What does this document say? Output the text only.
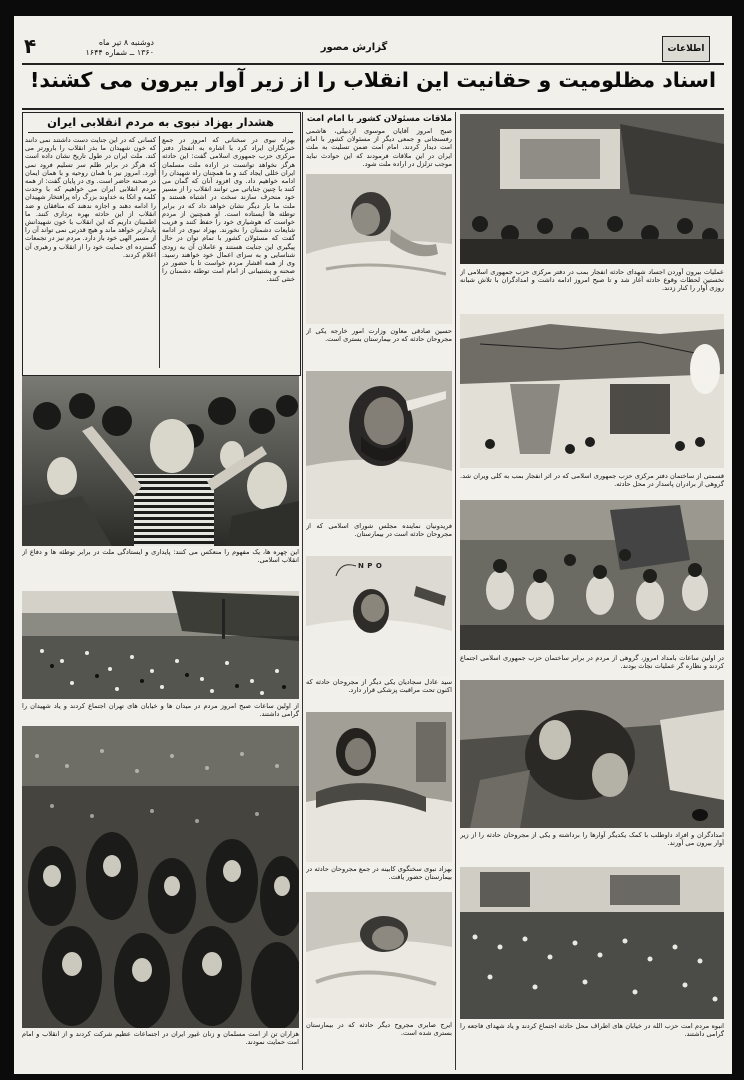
۴	دوشنبه ۸ تیر ماه
۱۳۶۰ ــ شماره ۱۶۴۴	گزارش مصور	اطلاعات
اسناد مظلومیت و حقانیت این انقلاب را از زیر آوار بیرون می کشند!
هشدار بهزاد نبوی به مردم انقلابی ایران
بهزاد نبوی در سخنانی که امروز در جمع خبرنگاران ایراد کرد با اشاره به انفجار دفتر مرکزی حزب جمهوری اسلامی گفت: این حادثه هرگز نخواهد توانست در اراده ملت مسلمان ایران خللی ایجاد کند و ما همچنان راه شهیدان را ادامه خواهیم داد. وی افزود آنان که گمان می کنند با چنین جنایاتی می توانند انقلاب را از مسیر خود منحرف سازند سخت در اشتباه هستند و ملت ما بار دیگر نشان خواهد داد که در برابر توطئه ها ایستاده است. او همچنین از مردم خواست که هوشیاری خود را حفظ کنند و فریب شایعات دشمنان را نخورند. بهزاد نبوی در ادامه گفت که مسئولان کشور با تمام توان در حال پیگیری این جنایت هستند و عاملان آن به زودی شناسایی و به سزای اعمال خود خواهند رسید. وی از همه اقشار مردم خواست تا با حضور در صحنه و پشتیبانی از امام امت توطئه دشمنان را خنثی کنند.
کسانی که در این جنایت دست داشتند نمی دانند که خون شهیدان ما بذر انقلاب را بارورتر می کند. ملت ایران در طول تاریخ نشان داده است که هرگز در برابر ظلم سر تسلیم فرود نمی آورد. امروز نیز با همان روحیه و با همان ایمان در صحنه حاضر است. وی در پایان گفت: از همه مردم انقلابی ایران می خواهیم که با وحدت کلمه و اتکا به خداوند بزرگ راه پرافتخار شهیدان را ادامه دهند و اجازه ندهند که منافقان و ضد انقلاب از این حادثه بهره برداری کنند. ما اطمینان داریم که این انقلاب با خون شهیدانش پایدارتر خواهد ماند و هیچ قدرتی نمی تواند آن را از مسیر الهی خود باز دارد. مردم نیز در تجمعات گسترده ای حمایت خود را از انقلاب و رهبری آن اعلام کردند.
این چهره ها، یک مفهوم را منعکس می کنند: پایداری و ایستادگی ملت در برابر توطئه ها و دفاع از انقلاب اسلامی.
از اولین ساعات صبح امروز مردم در میدان ها و خیابان های تهران اجتماع کردند و یاد شهیدان را گرامی داشتند.
هزاران تن از امت مسلمان و زنان غیور ایران در اجتماعات عظیم شرکت کردند و از انقلاب و امام امت حمایت نمودند.
ملاقات مسئولان کشور با امام امت
صبح امروز آقایان موسوی اردبیلی، هاشمی رفسنجانی و جمعی دیگر از مسئولان کشور با امام امت دیدار کردند. امام امت ضمن تسلیت به ملت ایران در این ملاقات فرمودند که این حوادث نباید موجب تزلزل در اراده ملت شود.
حسین صادقی معاون وزارت امور خارجه یکی از مجروحان حادثه که در بیمارستان بستری است.
فریدونیان نماینده مجلس شورای اسلامی که از مجروحان حادثه است در بیمارستان.
N P O
سید عادل سجادیان یکی دیگر از مجروحان حادثه که اکنون تحت مراقبت پزشکی قرار دارد.
بهزاد نبوی سخنگوی کابینه در جمع مجروحان حادثه در بیمارستان حضور یافت.
ایرج صابری مجروح دیگر حادثه که در بیمارستان بستری شده است.
عملیات بیرون آوردن اجساد شهدای حادثه انفجار بمب در دفتر مرکزی حزب جمهوری اسلامی از نخستین لحظات وقوع حادثه آغاز شد و تا صبح امروز ادامه داشت و امدادگران با تلاش شبانه روزی آوار را کنار زدند.
قسمتی از ساختمان دفتر مرکزی حزب جمهوری اسلامی که در اثر انفجار بمب به کلی ویران شد. گروهی از برادران پاسدار در محل حادثه.
در اولین ساعات بامداد امروز، گروهی از مردم در برابر ساختمان حزب جمهوری اسلامی اجتماع کردند و نظاره گر عملیات نجات بودند.
امدادگران و افراد داوطلب با کمک یکدیگر آوارها را برداشته و یکی از مجروحان حادثه را از زیر آوار بیرون می آورند.
انبوه مردم امت حزب الله در خیابان های اطراف محل حادثه اجتماع کردند و یاد شهدای فاجعه را گرامی داشتند.
